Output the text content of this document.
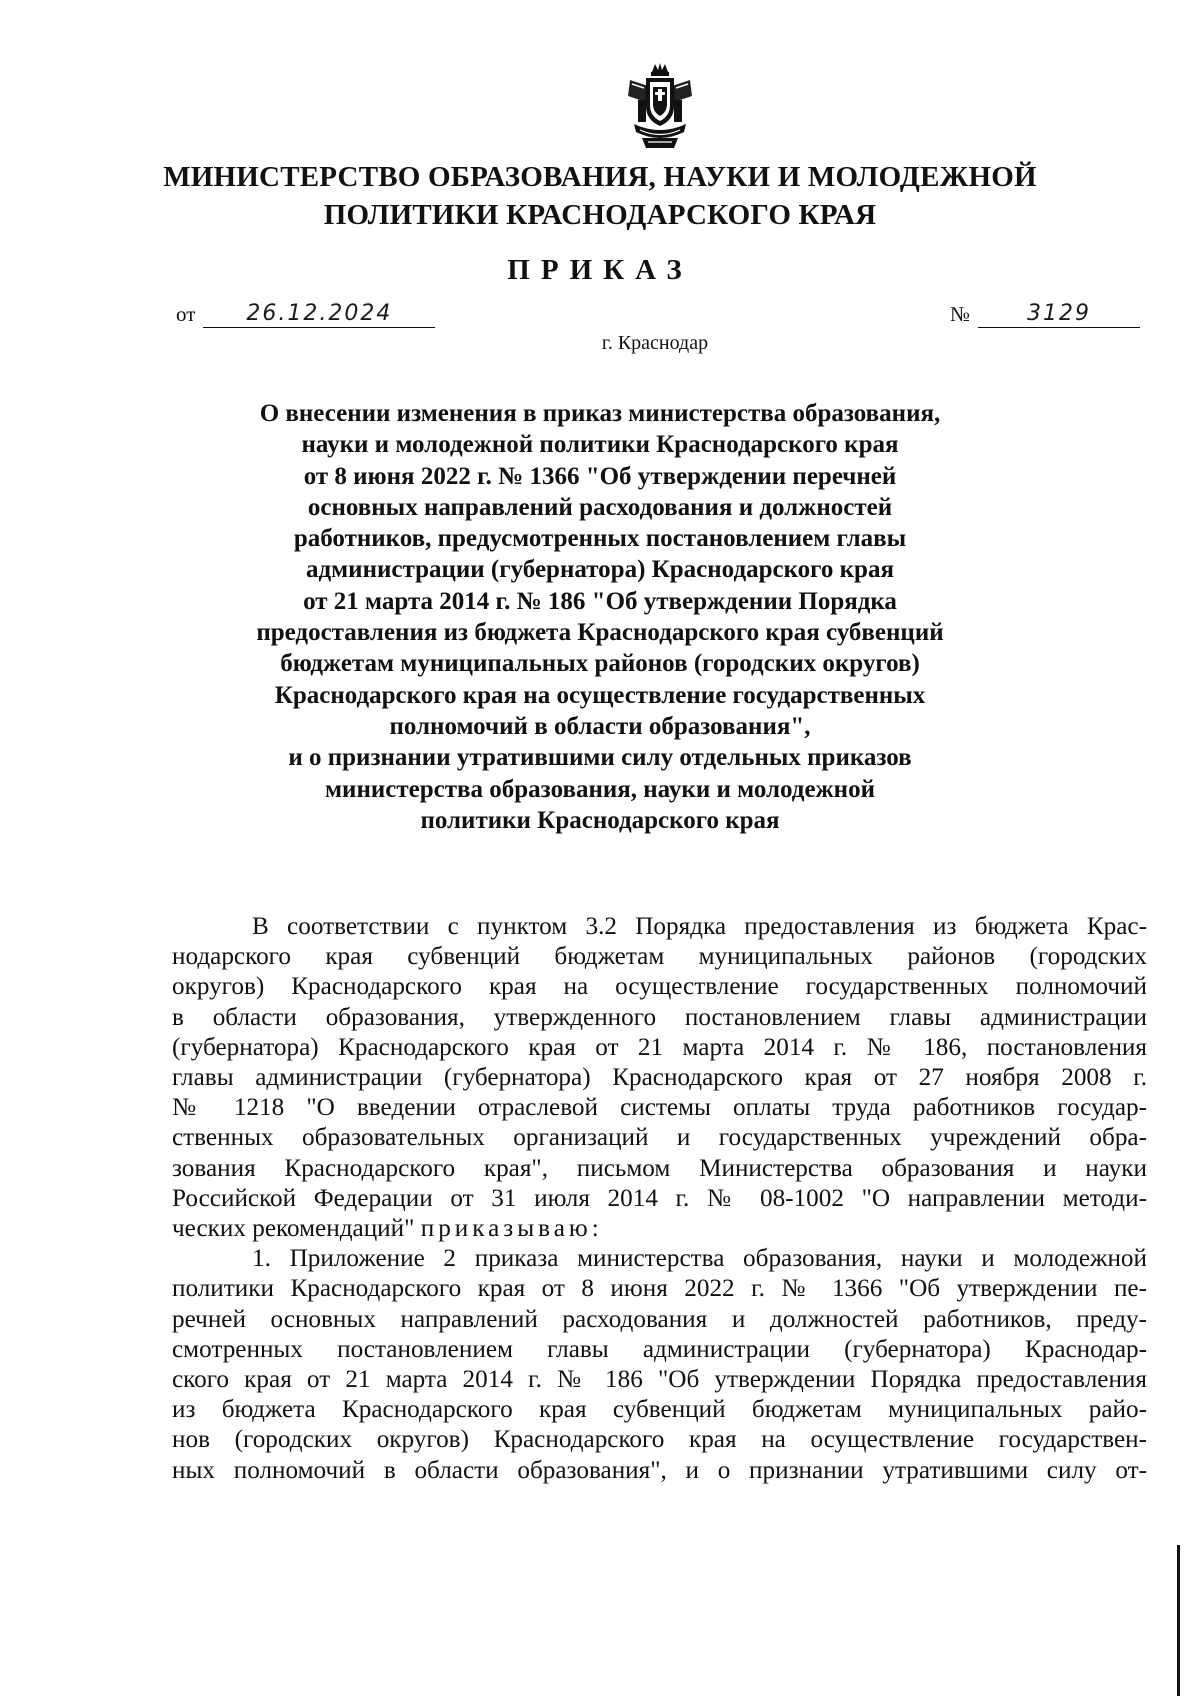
МИНИСТЕРСТВО ОБРАЗОВАНИЯ, НАУКИ И МОЛОДЕЖНОЙ
ПОЛИТИКИ КРАСНОДАРСКОГО КРАЯ
ПРИКАЗ
от	26.12.2024	№	3129
г. Краснодар
О внесении изменения в приказ министерства образования,
науки и молодежной политики Краснодарского края
от 8 июня 2022 г. № 1366 "Об утверждении перечней
основных направлений расходования и должностей
работников, предусмотренных постановлением главы
администрации (губернатора) Краснодарского края
от 21 марта 2014 г. № 186 "Об утверждении Порядка
предоставления из бюджета Краснодарского края субвенций
бюджетам муниципальных районов (городских округов)
Краснодарского края на осуществление государственных
полномочий в области образования",
и о признании утратившими силу отдельных приказов
министерства образования, науки и молодежной
политики Краснодарского края
В соответствии с пунктом 3.2 Порядка предоставления из бюджета Крас-
нодарского края субвенций бюджетам муниципальных районов (городских
округов) Краснодарского края на осуществление государственных полномочий
в области образования, утвержденного постановлением главы администрации
(губернатора) Краснодарского края от 21 марта 2014 г. № 186, постановления
главы администрации (губернатора) Краснодарского края от 27 ноября 2008 г.
№ 1218 "О введении отраслевой системы оплаты труда работников государ-
ственных образовательных организаций и государственных учреждений обра-
зования Краснодарского края", письмом Министерства образования и науки
Российской Федерации от 31 июля 2014 г. № 08-1002 "О направлении методи-
ческих рекомендаций" приказываю:
1. Приложение 2 приказа министерства образования, науки и молодежной
политики Краснодарского края от 8 июня 2022 г. № 1366 "Об утверждении пе-
речней основных направлений расходования и должностей работников, преду-
смотренных постановлением главы администрации (губернатора) Краснодар-
ского края от 21 марта 2014 г. № 186 "Об утверждении Порядка предоставления
из бюджета Краснодарского края субвенций бюджетам муниципальных райо-
нов (городских округов) Краснодарского края на осуществление государствен-
ных полномочий в области образования", и о признании утратившими силу от-
